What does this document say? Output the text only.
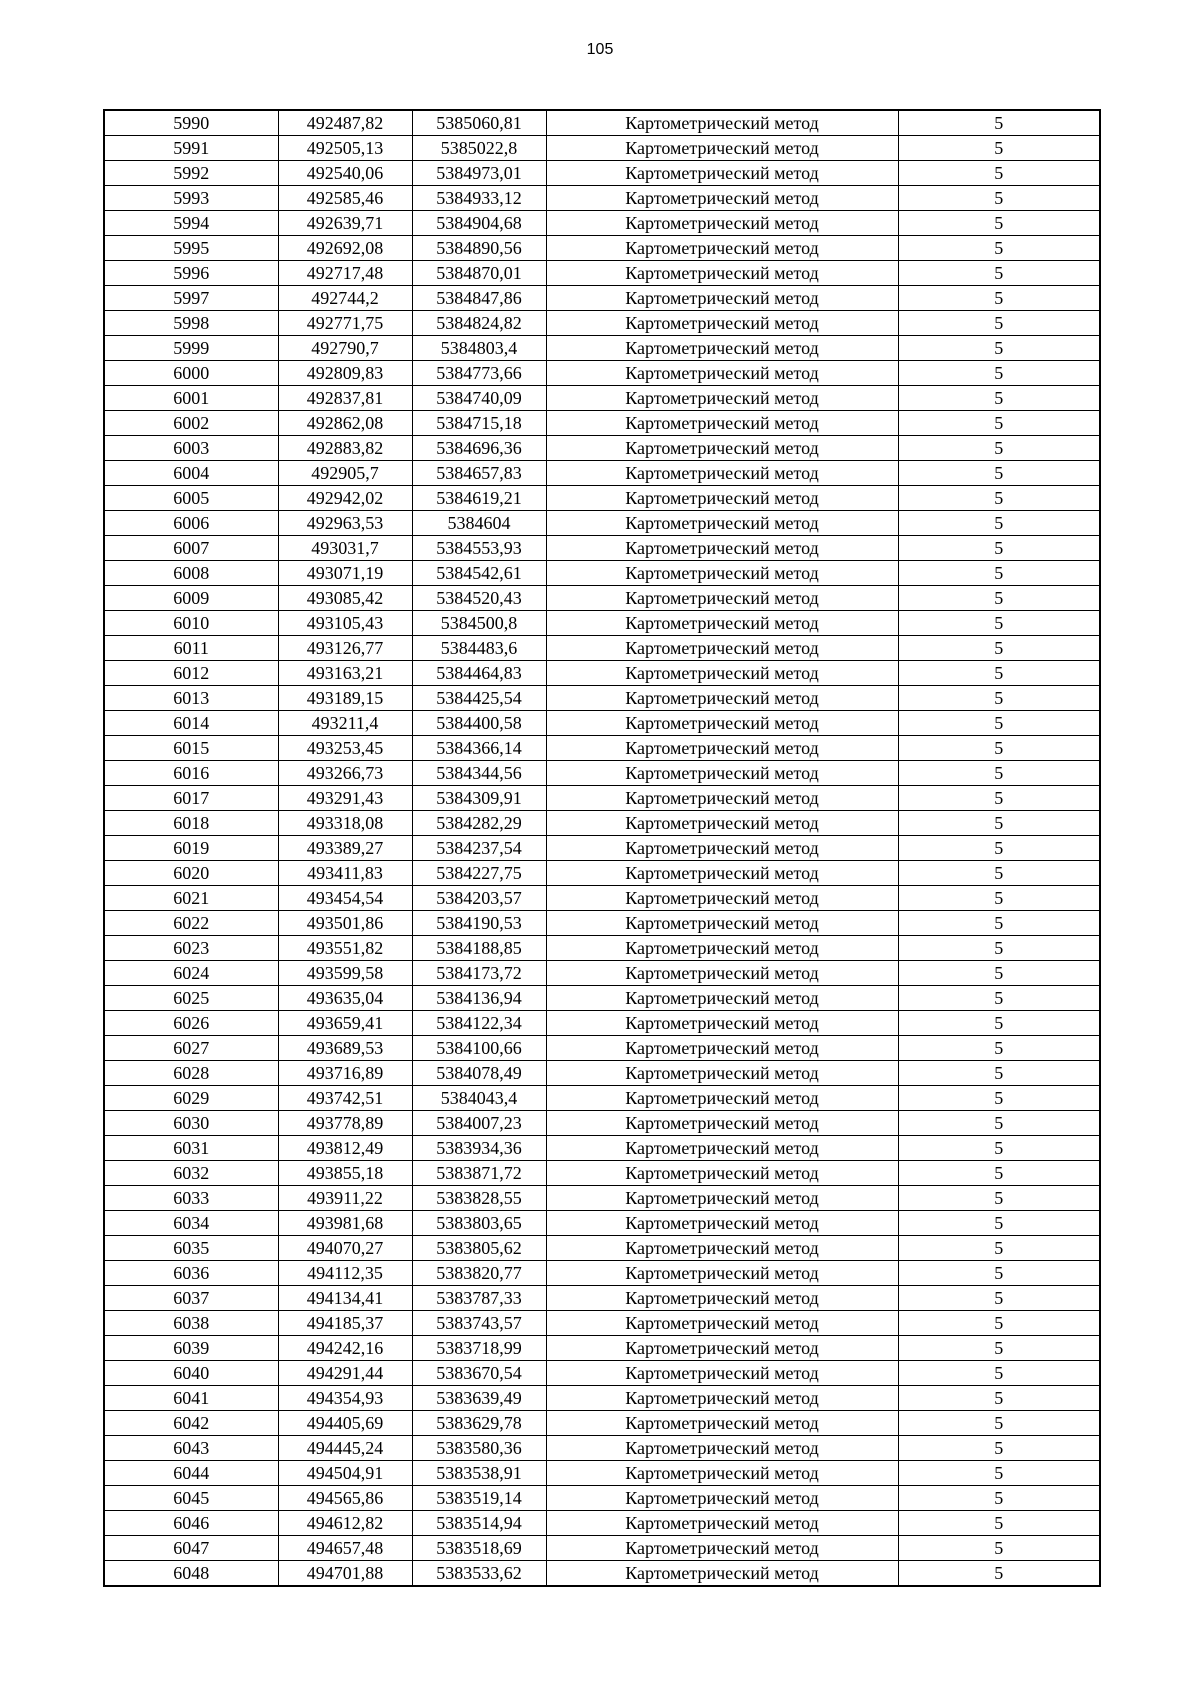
105
5990	492487,82	5385060,81	Картометрический метод	5
5991	492505,13	5385022,8	Картометрический метод	5
5992	492540,06	5384973,01	Картометрический метод	5
5993	492585,46	5384933,12	Картометрический метод	5
5994	492639,71	5384904,68	Картометрический метод	5
5995	492692,08	5384890,56	Картометрический метод	5
5996	492717,48	5384870,01	Картометрический метод	5
5997	492744,2	5384847,86	Картометрический метод	5
5998	492771,75	5384824,82	Картометрический метод	5
5999	492790,7	5384803,4	Картометрический метод	5
6000	492809,83	5384773,66	Картометрический метод	5
6001	492837,81	5384740,09	Картометрический метод	5
6002	492862,08	5384715,18	Картометрический метод	5
6003	492883,82	5384696,36	Картометрический метод	5
6004	492905,7	5384657,83	Картометрический метод	5
6005	492942,02	5384619,21	Картометрический метод	5
6006	492963,53	5384604	Картометрический метод	5
6007	493031,7	5384553,93	Картометрический метод	5
6008	493071,19	5384542,61	Картометрический метод	5
6009	493085,42	5384520,43	Картометрический метод	5
6010	493105,43	5384500,8	Картометрический метод	5
6011	493126,77	5384483,6	Картометрический метод	5
6012	493163,21	5384464,83	Картометрический метод	5
6013	493189,15	5384425,54	Картометрический метод	5
6014	493211,4	5384400,58	Картометрический метод	5
6015	493253,45	5384366,14	Картометрический метод	5
6016	493266,73	5384344,56	Картометрический метод	5
6017	493291,43	5384309,91	Картометрический метод	5
6018	493318,08	5384282,29	Картометрический метод	5
6019	493389,27	5384237,54	Картометрический метод	5
6020	493411,83	5384227,75	Картометрический метод	5
6021	493454,54	5384203,57	Картометрический метод	5
6022	493501,86	5384190,53	Картометрический метод	5
6023	493551,82	5384188,85	Картометрический метод	5
6024	493599,58	5384173,72	Картометрический метод	5
6025	493635,04	5384136,94	Картометрический метод	5
6026	493659,41	5384122,34	Картометрический метод	5
6027	493689,53	5384100,66	Картометрический метод	5
6028	493716,89	5384078,49	Картометрический метод	5
6029	493742,51	5384043,4	Картометрический метод	5
6030	493778,89	5384007,23	Картометрический метод	5
6031	493812,49	5383934,36	Картометрический метод	5
6032	493855,18	5383871,72	Картометрический метод	5
6033	493911,22	5383828,55	Картометрический метод	5
6034	493981,68	5383803,65	Картометрический метод	5
6035	494070,27	5383805,62	Картометрический метод	5
6036	494112,35	5383820,77	Картометрический метод	5
6037	494134,41	5383787,33	Картометрический метод	5
6038	494185,37	5383743,57	Картометрический метод	5
6039	494242,16	5383718,99	Картометрический метод	5
6040	494291,44	5383670,54	Картометрический метод	5
6041	494354,93	5383639,49	Картометрический метод	5
6042	494405,69	5383629,78	Картометрический метод	5
6043	494445,24	5383580,36	Картометрический метод	5
6044	494504,91	5383538,91	Картометрический метод	5
6045	494565,86	5383519,14	Картометрический метод	5
6046	494612,82	5383514,94	Картометрический метод	5
6047	494657,48	5383518,69	Картометрический метод	5
6048	494701,88	5383533,62	Картометрический метод	5
